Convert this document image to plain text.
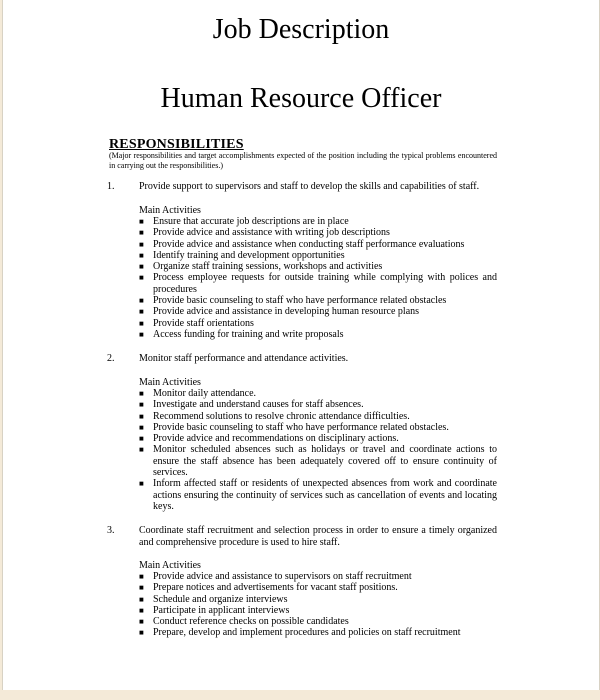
Job Description
Human Resource Officer
RESPONSIBILITIES
(Major responsibilities and target accomplishments expected of the position including the typical problems encountered in carrying out the responsibilities.)
1. Provide support to supervisors and staff to develop the skills and capabilities of staff.
Main Activities
■ Ensure that accurate job descriptions are in place
■ Provide advice and assistance with writing job descriptions
■ Provide advice and assistance when conducting staff performance evaluations
■ Identify training and development opportunities
■ Organize staff training sessions, workshops and activities
■ Process employee requests for outside training while complying with polices and procedures
■ Provide basic counseling to staff who have performance related obstacles
■ Provide advice and assistance in developing human resource plans
■ Provide staff orientations
■ Access funding for training and write proposals
2. Monitor staff performance and attendance activities.
Main Activities
■ Monitor daily attendance.
■ Investigate and understand causes for staff absences.
■ Recommend solutions to resolve chronic attendance difficulties.
■ Provide basic counseling to staff who have performance related obstacles.
■ Provide advice and recommendations on disciplinary actions.
■ Monitor scheduled absences such as holidays or travel and coordinate actions to ensure the staff absence has been adequately covered off to ensure continuity of services.
■ Inform affected staff or residents of unexpected absences from work and coordinate actions ensuring the continuity of services such as cancellation of events and locating keys.
3. Coordinate staff recruitment and selection process in order to ensure a timely organized and comprehensive procedure is used to hire staff.
Main Activities
■ Provide advice and assistance to supervisors on staff recruitment
■ Prepare notices and advertisements for vacant staff positions.
■ Schedule and organize interviews
■ Participate in applicant interviews
■ Conduct reference checks on possible candidates
■ Prepare, develop and implement procedures and policies on staff recruitment
